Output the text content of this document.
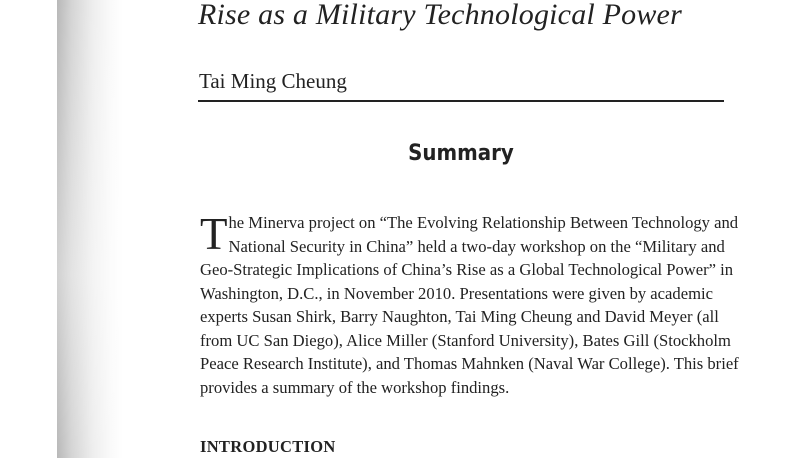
Rise as a Military Technological Power

Tai Ming Cheung

Summary

The Minerva project on “The Evolving Relationship Between Technology and National Security in China” held a two-day workshop on the “Military and Geo-Strategic Implications of China’s Rise as a Global Technological Power” in Washington, D.C., in November 2010. Presentations were given by academic experts Susan Shirk, Barry Naughton, Tai Ming Cheung and David Meyer (all from UC San Diego), Alice Miller (Stanford University), Bates Gill (Stockholm Peace Research Institute), and Thomas Mahnken (Naval War College). This brief provides a summary of the workshop findings.

INTRODUCTION
